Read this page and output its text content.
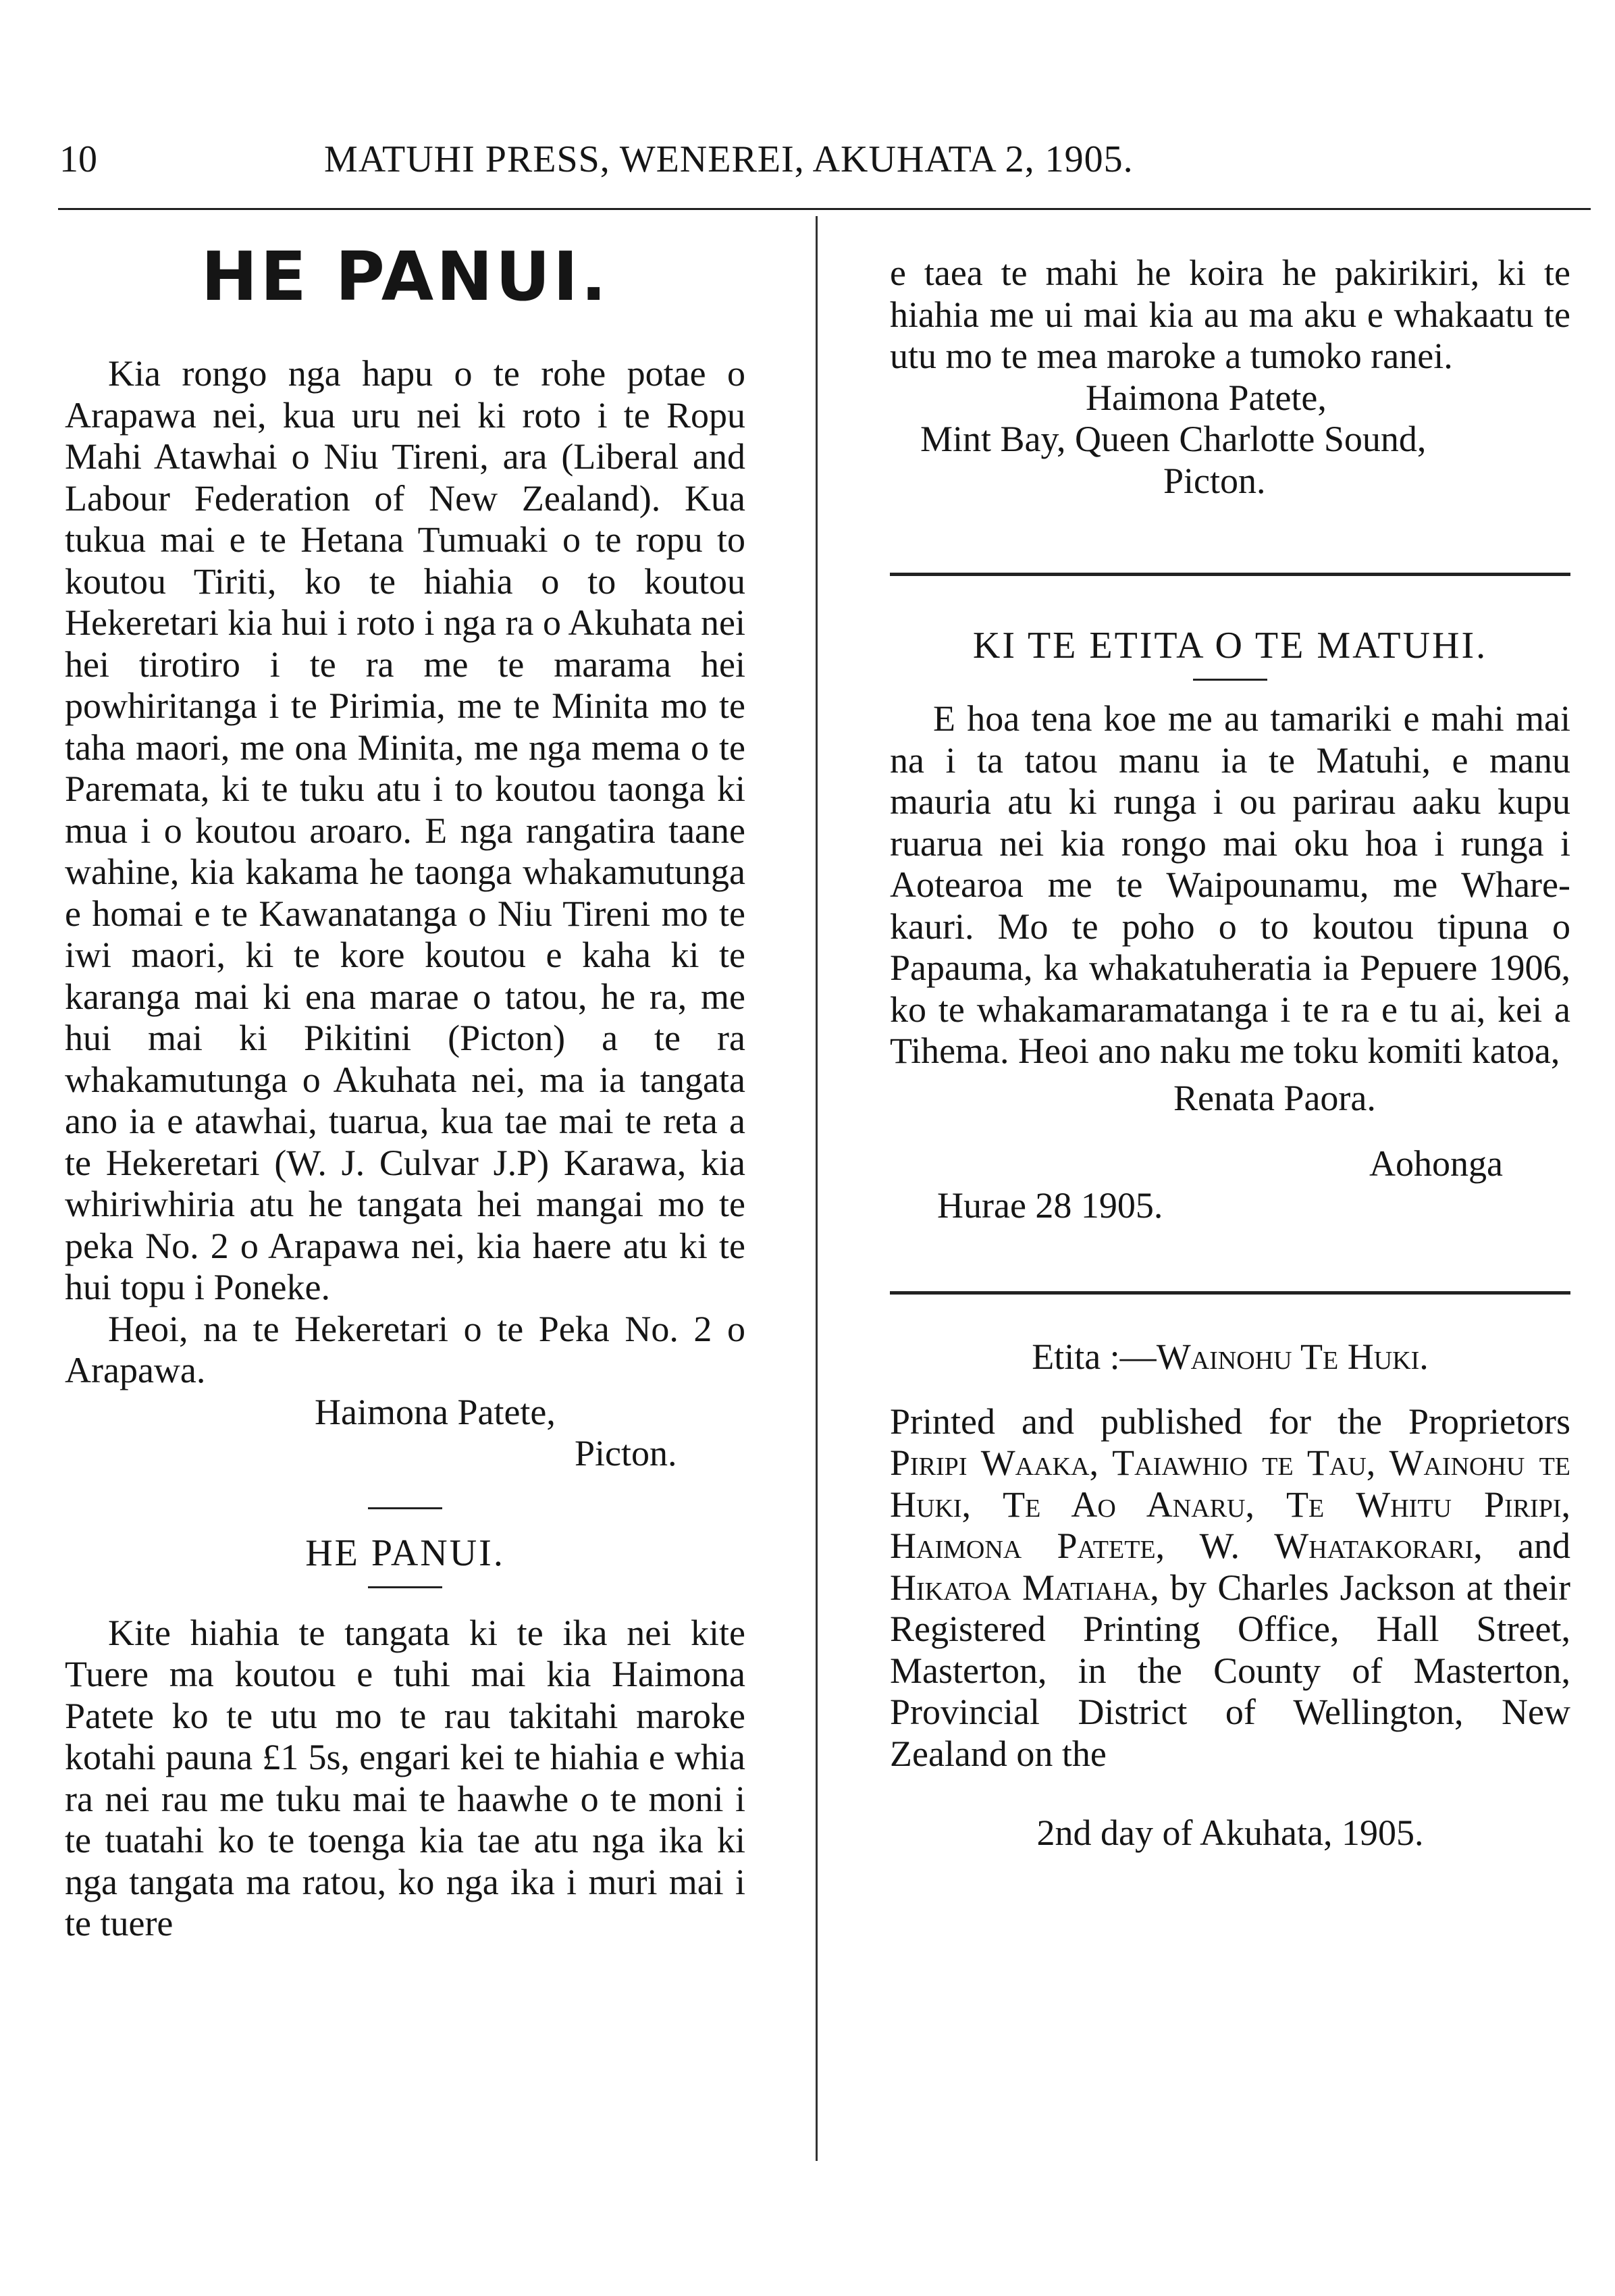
10	MATUHI PRESS, WENEREI, AKUHATA 2, 1905.
HE PANUI.

Kia rongo nga hapu o te rohe potae o Arapawa nei, kua uru nei ki roto i te Ropu Mahi Atawhai o Niu Tireni, ara (Liberal and Labour Federation of New Zealand). Kua tukua mai e te Hetana Tumuaki o te ropu to koutou Tiriti, ko te hiahia o to koutou Hekeretari kia hui i roto i nga ra o Akuhata nei hei tirotiro i te ra me te marama hei powhiritanga i te Pirimia, me te Minita mo te taha maori, me ona Minita, me nga mema o te Paremata, ki te tuku atu i to koutou taonga ki mua i o koutou aroaro. E nga rangatira taane wahine, kia kakama he taonga whakamutunga e homai e te Kawanatanga o Niu Tireni mo te iwi maori, ki te kore koutou e kaha ki te karanga mai ki ena marae o tatou, he ra, me hui mai ki Pikitini (Picton) a te ra whakamutunga o Akuhata nei, ma ia tangata ano ia e atawhai, tuarua, kua tae mai te reta a te Hekeretari (W. J. Culvar J.P) Karawa, kia whiriwhiria atu he tangata hei mangai mo te peka No. 2 o Arapawa nei, kia haere atu ki te hui topu i Poneke.

Heoi, na te Hekeretari o te Peka No. 2 o Arapawa.

Haimona Patete,
Picton.
HE PANUI.

Kite hiahia te tangata ki te ika nei kite Tuere ma koutou e tuhi mai kia Haimona Patete ko te utu mo te rau takitahi maroke kotahi pauna £1 5s, engari kei te hiahia e whia ra nei rau me tuku mai te haawhe o te moni i te tuatahi ko te toenga kia tae atu nga ika ki nga tangata ma ratou, ko nga ika i muri mai i te tuere

e taea te mahi he koira he pakirikiri, ki te hiahia me ui mai kia au ma aku e whakaatu te utu mo te mea maroke a tumoko ranei.

Haimona Patete,
Mint Bay, Queen Charlotte Sound,
Picton.
KI TE ETITA O TE MATUHI.

E hoa tena koe me au tamariki e mahi mai na i ta tatou manu ia te Matuhi, e manu mauria atu ki runga i ou parirau aaku kupu ruarua nei kia rongo mai oku hoa i runga i Aotearoa me te Waipounamu, me Whare-kauri. Mo te poho o to koutou tipuna o Papauma, ka whakatuheratia ia Pepuere 1906, ko te whakamaramatanga i te ra e tu ai, kei a Tihema. Heoi ano naku me toku komiti katoa,

Renata Paora.
Aohonga
Hurae 28 1905.
Etita :—Wainohu Te Huki.

Printed and published for the Proprietors Piripi Waaka, Taiawhio te Tau, Wainohu te Huki, Te Ao Anaru, Te Whitu Piripi, Haimona Patete, W. Whatakorari, and Hikatoa Matiaha, by Charles Jackson at their Registered Printing Office, Hall Street, Masterton, in the County of Masterton, Provincial District of Wellington, New Zealand on the

2nd day of Akuhata, 1905.
